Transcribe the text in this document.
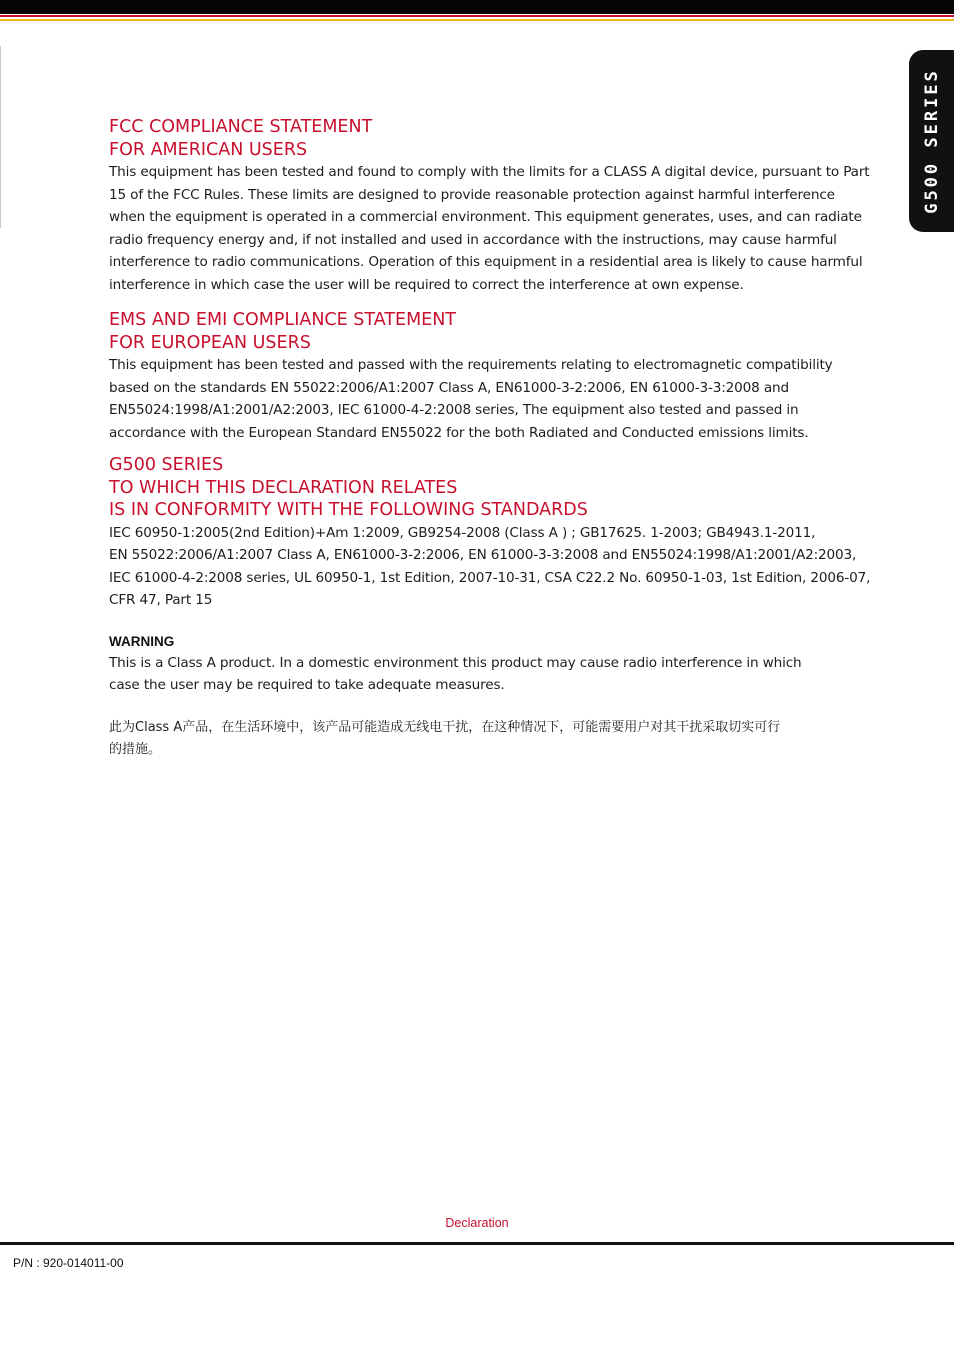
G500 SERIES
FCC COMPLIANCE STATEMENT
FOR AMERICAN USERS

This equipment has been tested and found to comply with the limits for a CLASS A digital device, pursuant to Part
15 of the FCC Rules. These limits are designed to provide reasonable protection against harmful interference
when the equipment is operated in a commercial environment. This equipment generates, uses, and can radiate
radio frequency energy and, if not installed and used in accordance with the instructions, may cause harmful
interference to radio communications. Operation of this equipment in a residential area is likely to cause harmful
interference in which case the user will be required to correct the interference at own expense.

EMS AND EMI COMPLIANCE STATEMENT
FOR EUROPEAN USERS

This equipment has been tested and passed with the requirements relating to electromagnetic compatibility
based on the standards EN 55022:2006/A1:2007 Class A, EN61000-3-2:2006, EN 61000-3-3:2008 and
EN55024:1998/A1:2001/A2:2003, IEC 61000-4-2:2008 series, The equipment also tested and passed in
accordance with the European Standard EN55022 for the both Radiated and Conducted emissions limits.

G500 SERIES
TO WHICH THIS DECLARATION RELATES
IS IN CONFORMITY WITH THE FOLLOWING STANDARDS

IEC 60950-1:2005(2nd Edition)+Am 1:2009, GB9254-2008 (Class A ) ; GB17625. 1-2003; GB4943.1-2011,
EN 55022:2006/A1:2007 Class A, EN61000-3-2:2006, EN 61000-3-3:2008 and EN55024:1998/A1:2001/A2:2003,
IEC 61000-4-2:2008 series, UL 60950-1, 1st Edition, 2007-10-31, CSA C22.2 No. 60950-1-03, 1st Edition, 2006-07,
CFR 47, Part 15

WARNING

This is a Class A product. In a domestic environment this product may cause radio interference in which
case the user may be required to take adequate measures.

此为Class A产品，在生活环境中，该产品可能造成无线电干扰，在这种情况下，可能需要用户对其干扰采取切实可行
的措施。

Declaration
P/N : 920-014011-00
